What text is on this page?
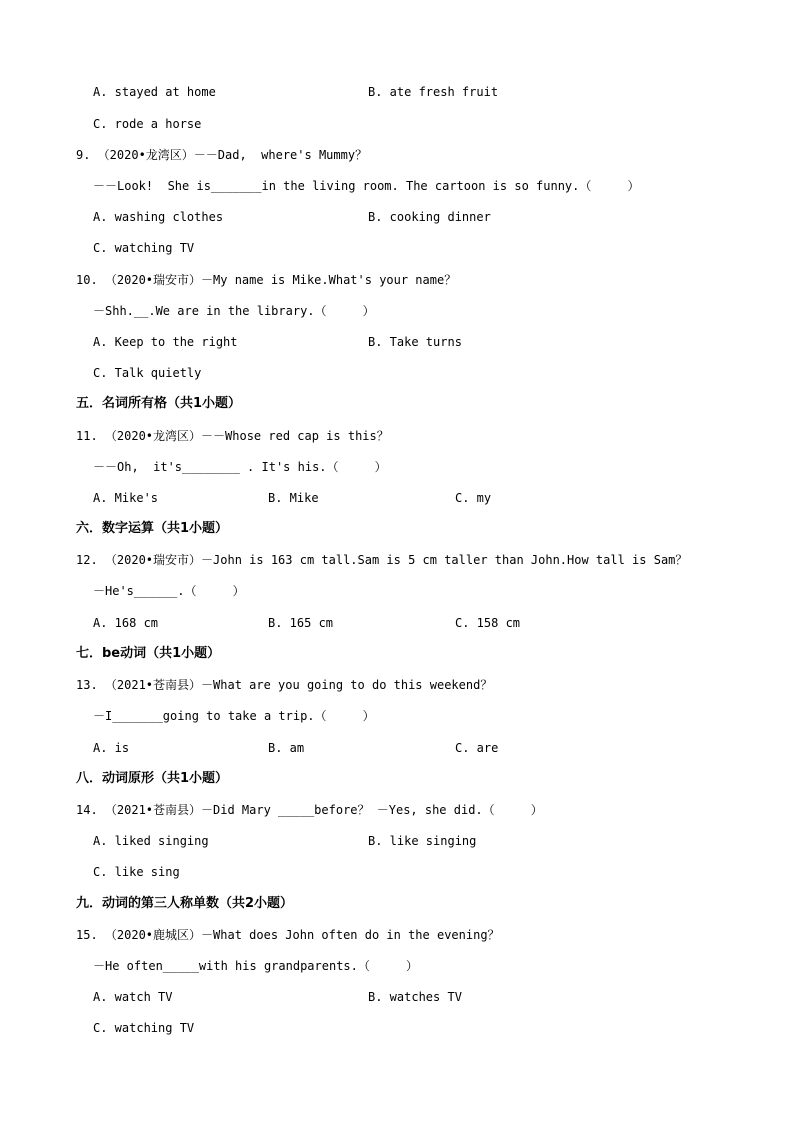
A. stayed at home	B. ate fresh fruit
C. rode a horse
9. （2020•龙湾区）－－Dad,  where's Mummy？
－－Look!  She is_______in the living room. The cartoon is so funny.（     ）
A. washing clothes	B. cooking dinner
C. watching TV
10. （2020•瑞安市）－My name is Mike.What's your name？
－Shh.__.We are in the library.（     ）
A. Keep to the right	B. Take turns
C. Talk quietly
五．名词所有格（共1小题）
11. （2020•龙湾区）－－Whose red cap is this？
－－Oh,  it's________ . It's his.（     ）
A. Mike's	B. Mike	C. my
六．数字运算（共1小题）
12. （2020•瑞安市）－John is 163 cm tall.Sam is 5 cm taller than John.How tall is Sam？
－He's______.（     ）
A. 168 cm	B. 165 cm	C. 158 cm
七．be动词（共1小题）
13. （2021•苍南县）－What are you going to do this weekend？
－I_______going to take a trip.（     ）
A. is	B. am	C. are
八．动词原形（共1小题）
14. （2021•苍南县）－Did Mary _____before？ －Yes, she did.（     ）
A. liked singing	B. like singing
C. like sing
九．动词的第三人称单数（共2小题）
15. （2020•鹿城区）－What does John often do in the evening？
－He often_____with his grandparents.（     ）
A. watch TV	B. watches TV
C. watching TV
